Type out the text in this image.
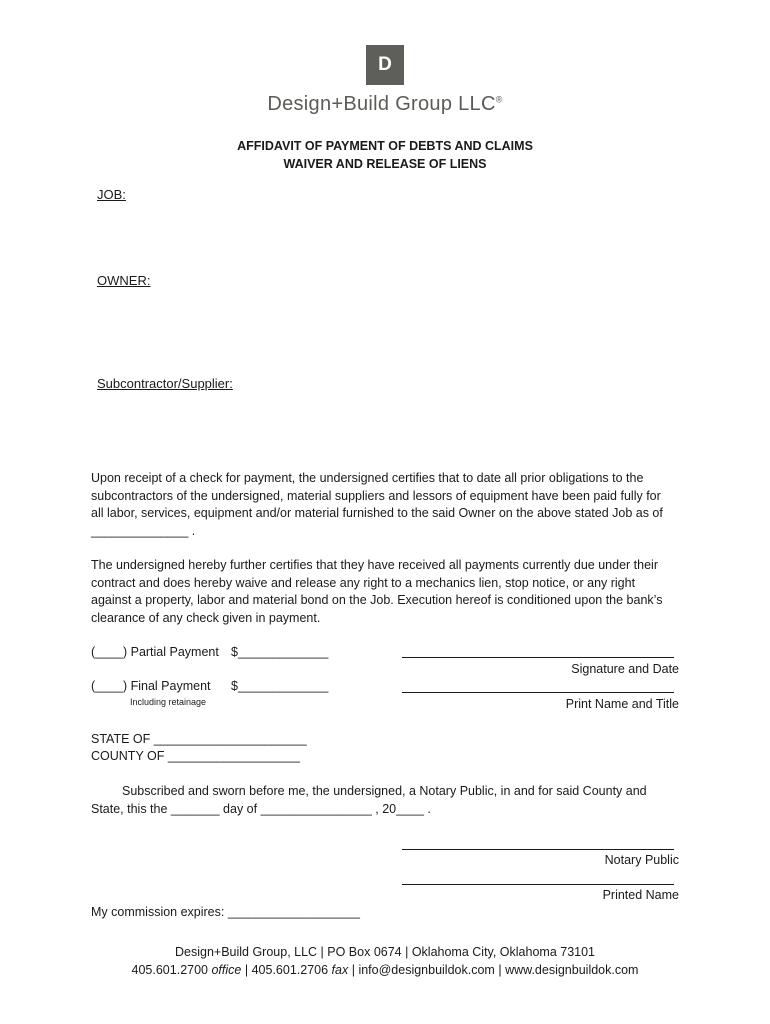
D
Design+Build Group LLC®
AFFIDAVIT OF PAYMENT OF DEBTS AND CLAIMS
WAIVER AND RELEASE OF LIENS
JOB:
OWNER:
Subcontractor/Supplier:
Upon receipt of a check for payment, the undersigned certifies that to date all prior obligations to the
subcontractors of the undersigned, material suppliers and lessors of equipment have been paid fully for
all labor, services, equipment and/or material furnished to the said Owner on the above stated Job as of
______________ .
The undersigned hereby further certifies that they have received all payments currently due under their
contract and does hereby waive and release any right to a mechanics lien, stop notice, or any right
against a property, labor and material bond on the Job. Execution hereof is conditioned upon the bank’s
clearance of any check given in payment.
(____) Partial Payment $_____________
Signature and Date
(____) Final Payment $_____________
Including retainage	Print Name and Title
STATE OF ______________________
COUNTY OF ___________________
Subscribed and sworn before me, the undersigned, a Notary Public, in and for said County and
State, this the _______ day of ________________ , 20____ .
Notary Public
Printed Name
My commission expires: ___________________
Design+Build Group, LLC | PO Box 0674 | Oklahoma City, Oklahoma 73101
405.601.2700 office | 405.601.2706 fax | info@designbuildok.com | www.designbuildok.com
